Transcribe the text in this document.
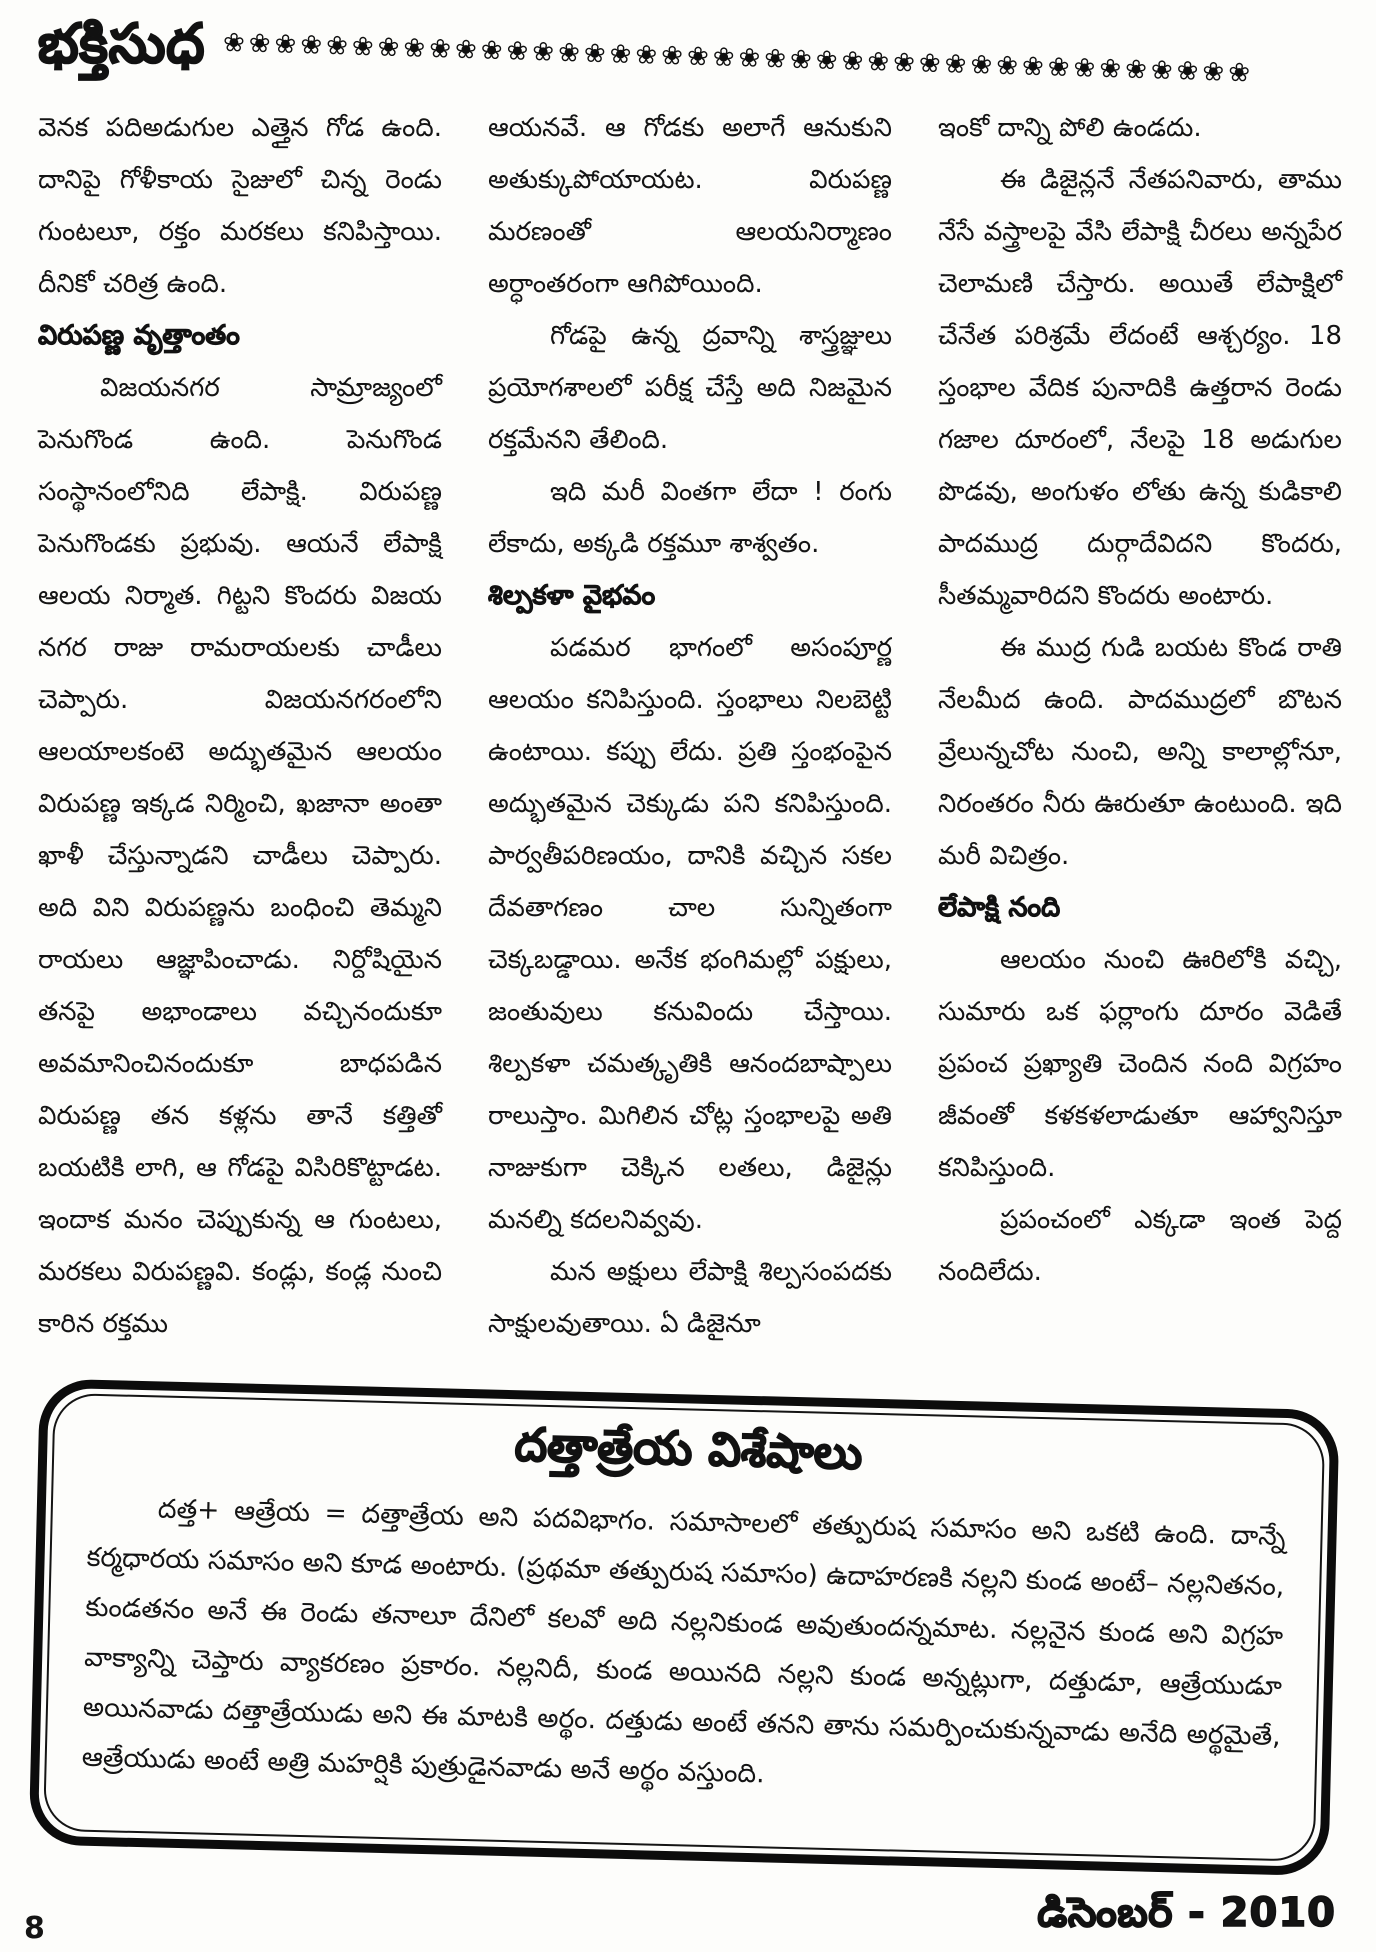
భక్తిసుధ ❀❀❀❀❀❀❀❀❀❀❀❀❀❀❀❀❀❀❀❀❀❀❀❀❀❀❀❀❀❀❀❀❀❀❀❀❀❀❀❀

వెనక పదిఅడుగుల ఎత్తైన గోడ ఉంది. దానిపై గోళీకాయ సైజులో చిన్న రెండు గుంటలూ, రక్తం మరకలు కనిపిస్తాయి. దీనికో చరిత్ర ఉంది.

విరుపణ్ణ వృత్తాంతం

విజయనగర సామ్రాజ్యంలో పెనుగొండ ఉంది. పెనుగొండ సంస్థానంలోనిది లేపాక్షి. విరుపణ్ణ పెనుగొండకు ప్రభువు. ఆయనే లేపాక్షి ఆలయ నిర్మాత. గిట్టని కొందరు విజయ నగర రాజు రామరాయలకు చాడీలు చెప్పారు. విజయనగరంలోని ఆలయాలకంటె అద్భుతమైన ఆలయం విరుపణ్ణ ఇక్కడ నిర్మించి, ఖజానా అంతా ఖాళీ చేస్తున్నాడని చాడీలు చెప్పారు. అది విని విరుపణ్ణను బంధించి తెమ్మని రాయలు ఆజ్ఞాపించాడు. నిర్దోషియైన తనపై అభాండాలు వచ్చినందుకూ అవమానించినందుకూ బాధపడిన విరుపణ్ణ తన కళ్లను తానే కత్తితో బయటికి లాగి, ఆ గోడపై విసిరికొట్టాడట. ఇందాక మనం చెప్పుకున్న ఆ గుంటలు, మరకలు విరుపణ్ణవి. కండ్లు, కండ్ల నుంచి కారిన రక్తము

ఆయనవే. ఆ గోడకు అలాగే ఆనుకుని అతుక్కుపోయాయట. విరుపణ్ణ మరణంతో ఆలయనిర్మాణం అర్ధాంతరంగా ఆగిపోయింది.

గోడపై ఉన్న ద్రవాన్ని శాస్త్రజ్ఞులు ప్రయోగశాలలో పరీక్ష చేస్తే అది నిజమైన రక్తమేనని తేలింది.

ఇది మరీ వింతగా లేదా ! రంగు లేకాదు, అక్కడి రక్తమూ శాశ్వతం.

శిల్పకళా వైభవం

పడమర భాగంలో అసంపూర్ణ ఆలయం కనిపిస్తుంది. స్తంభాలు నిలబెట్టి ఉంటాయి. కప్పు లేదు. ప్రతి స్తంభంపైన అద్భుతమైన చెక్కుడు పని కనిపిస్తుంది. పార్వతీపరిణయం, దానికి వచ్చిన సకల దేవతాగణం చాల సున్నితంగా చెక్కబడ్డాయి. అనేక భంగిమల్లో పక్షులు, జంతువులు కనువిందు చేస్తాయి. శిల్పకళా చమత్కృతికి ఆనందబాష్పాలు రాలుస్తాం. మిగిలిన చోట్ల స్తంభాలపై అతి నాజుకుగా చెక్కిన లతలు, డిజైన్లు మనల్ని కదలనివ్వవు.

మన అక్షులు లేపాక్షి శిల్పసంపదకు సాక్షులవుతాయి. ఏ డిజైనూ

ఇంకో దాన్ని పోలి ఉండదు.

ఈ డిజైన్లనే నేతపనివారు, తాము నేసే వస్త్రాలపై వేసి లేపాక్షి చీరలు అన్నపేర చెలామణి చేస్తారు. అయితే లేపాక్షిలో చేనేత పరిశ్రమే లేదంటే ఆశ్చర్యం. 18 స్తంభాల వేదిక పునాదికి ఉత్తరాన రెండు గజాల దూరంలో, నేలపై 18 అడుగుల పొడవు, అంగుళం లోతు ఉన్న కుడికాలి పాదముద్ర దుర్గాదేవిదని కొందరు, సీతమ్మవారిదని కొందరు అంటారు.

ఈ ముద్ర గుడి బయట కొండ రాతి నేలమీద ఉంది. పాదముద్రలో బొటన వ్రేలున్నచోట నుంచి, అన్ని కాలాల్లోనూ, నిరంతరం నీరు ఊరుతూ ఉంటుంది. ఇది మరీ విచిత్రం.

లేపాక్షి నంది

ఆలయం నుంచి ఊరిలోకి వచ్చి, సుమారు ఒక ఫర్లాంగు దూరం వెడితే ప్రపంచ ప్రఖ్యాతి చెందిన నంది విగ్రహం జీవంతో కళకళలాడుతూ ఆహ్వానిస్తూ కనిపిస్తుంది.

ప్రపంచంలో ఎక్కడా ఇంత పెద్ద నందిలేదు.

దత్తాత్రేయ విశేషాలు

దత్త+ ఆత్రేయ = దత్తాత్రేయ అని పదవిభాగం. సమాసాలలో తత్పురుష సమాసం అని ఒకటి ఉంది. దాన్నే కర్మధారయ సమాసం అని కూడ అంటారు. (ప్రథమా తత్పురుష సమాసం) ఉదాహరణకి నల్లని కుండ అంటే– నల్లనితనం, కుండతనం అనే ఈ రెండు తనాలూ దేనిలో కలవో అది నల్లనికుండ అవుతుందన్నమాట. నల్లనైన కుండ అని విగ్రహ వాక్యాన్ని చెప్తారు వ్యాకరణం ప్రకారం. నల్లనిదీ, కుండ అయినది నల్లని కుండ అన్నట్లుగా, దత్తుడూ, ఆత్రేయుడూ అయినవాడు దత్తాత్రేయుడు అని ఈ మాటకి అర్థం. దత్తుడు అంటే తనని తాను సమర్పించుకున్నవాడు అనేది అర్థమైతే, ఆత్రేయుడు అంటే అత్రి మహర్షికి పుత్రుడైనవాడు అనే అర్థం వస్తుంది.

8	డిసెంబర్ - 2010
